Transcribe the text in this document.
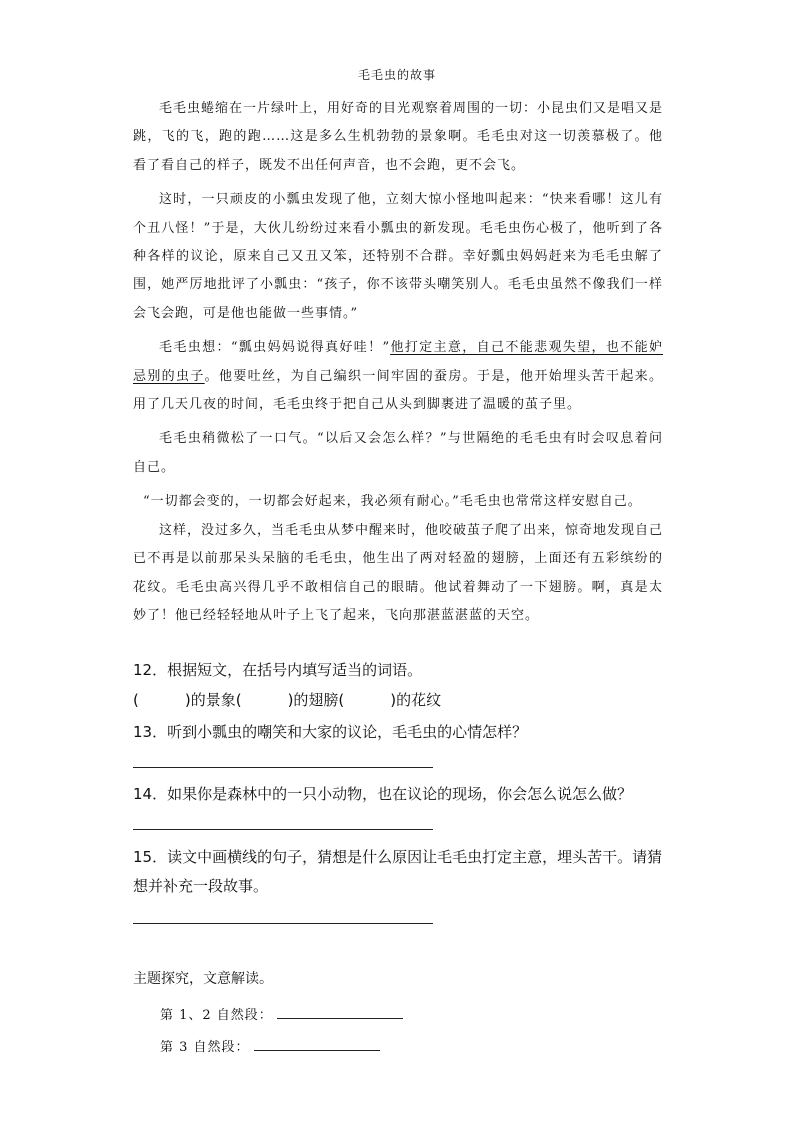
毛毛虫的故事

毛毛虫蜷缩在一片绿叶上，用好奇的目光观察着周围的一切：小昆虫们又是唱又是跳，飞的飞，跑的跑……这是多么生机勃勃的景象啊。毛毛虫对这一切羡慕极了。他看了看自己的样子，既发不出任何声音，也不会跑，更不会飞。

这时，一只顽皮的小瓢虫发现了他，立刻大惊小怪地叫起来：“快来看哪！这儿有个丑八怪！”于是，大伙儿纷纷过来看小瓢虫的新发现。毛毛虫伤心极了，他听到了各种各样的议论，原来自己又丑又笨，还特别不合群。幸好瓢虫妈妈赶来为毛毛虫解了围，她严厉地批评了小瓢虫：“孩子，你不该带头嘲笑别人。毛毛虫虽然不像我们一样会飞会跑，可是他也能做一些事情。”

毛毛虫想：“瓢虫妈妈说得真好哇！”他打定主意，自己不能悲观失望，也不能妒忌别的虫子。他要吐丝，为自己编织一间牢固的蚕房。于是，他开始埋头苦干起来。用了几天几夜的时间，毛毛虫终于把自己从头到脚裹进了温暖的茧子里。

毛毛虫稍微松了一口气。“以后又会怎么样？”与世隔绝的毛毛虫有时会叹息着问自己。

“一切都会变的，一切都会好起来，我必须有耐心。”毛毛虫也常常这样安慰自己。

这样，没过多久，当毛毛虫从梦中醒来时，他咬破茧子爬了出来，惊奇地发现自己已不再是以前那呆头呆脑的毛毛虫，他生出了两对轻盈的翅膀，上面还有五彩缤纷的花纹。毛毛虫高兴得几乎不敢相信自己的眼睛。他试着舞动了一下翅膀。啊，真是太妙了！他已经轻轻地从叶子上飞了起来，飞向那湛蓝湛蓝的天空。

12．根据短文，在括号内填写适当的词语。
(	)的景象(	)的翅膀(	)的花纹
13．听到小瓢虫的嘲笑和大家的议论，毛毛虫的心情怎样？
14．如果你是森林中的一只小动物，也在议论的现场，你会怎么说怎么做？
15．读文中画横线的句子，猜想是什么原因让毛毛虫打定主意，埋头苦干。请猜想并补充一段故事。
主题探究，文意解读。
第 1、2 自然段：
第 3 自然段：
